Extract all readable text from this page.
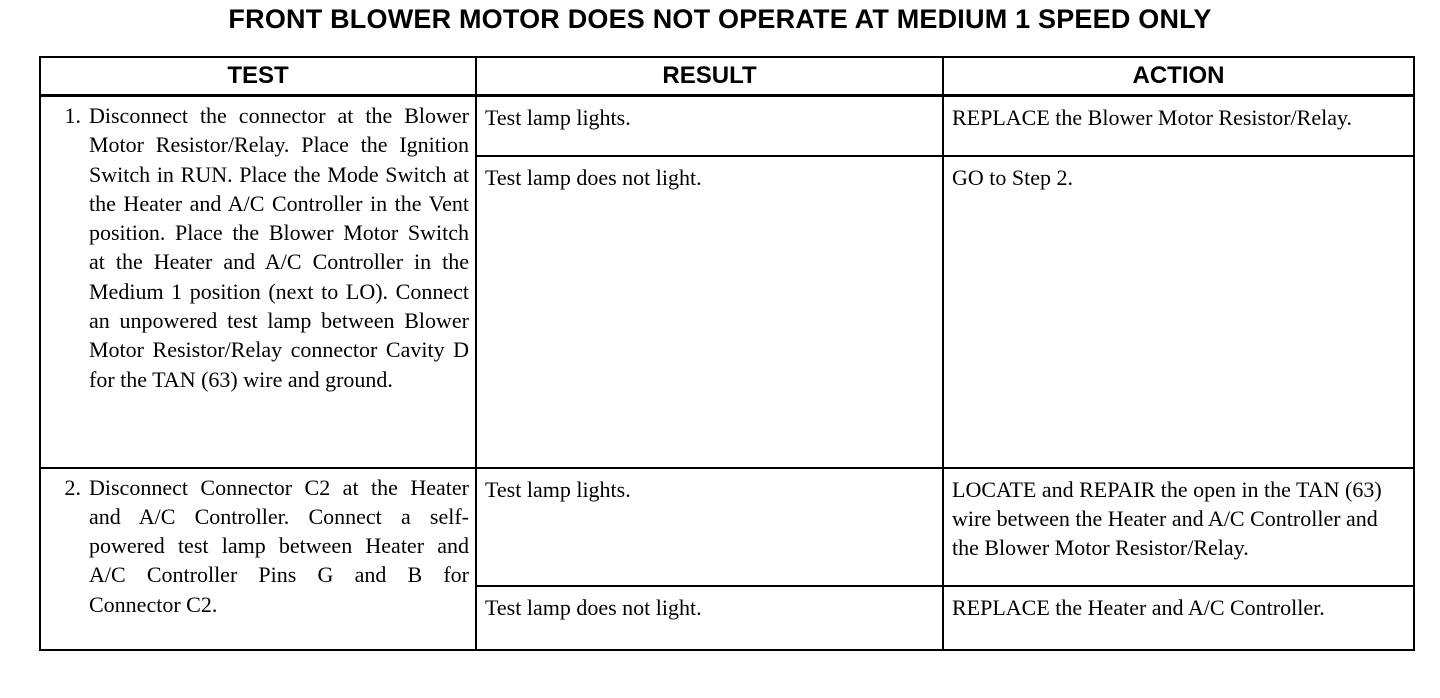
FRONT BLOWER MOTOR DOES NOT OPERATE AT MEDIUM 1 SPEED ONLY
TEST	RESULT	ACTION

1. Disconnect the connector at the Blower Motor Resistor/Relay. Place the Ignition Switch in RUN. Place the Mode Switch at the Heater and A/C Controller in the Vent position. Place the Blower Motor Switch at the Heater and A/C Controller in the Medium 1 position (next to LO). Connect an unpowered test lamp between Blower Motor Resistor/Relay connector Cavity D for the TAN (63) wire and ground.	Test lamp lights.	REPLACE the Blower Motor Resistor/Relay.
	Test lamp does not light.	GO to Step 2.

2. Disconnect Connector C2 at the Heater and A/C Controller. Connect a self-powered test lamp between Heater and A/C Controller Pins G and B for Connector C2.	Test lamp lights.	LOCATE and REPAIR the open in the TAN (63) wire between the Heater and A/C Controller and the Blower Motor Resistor/Relay.
	Test lamp does not light.	REPLACE the Heater and A/C Controller.
